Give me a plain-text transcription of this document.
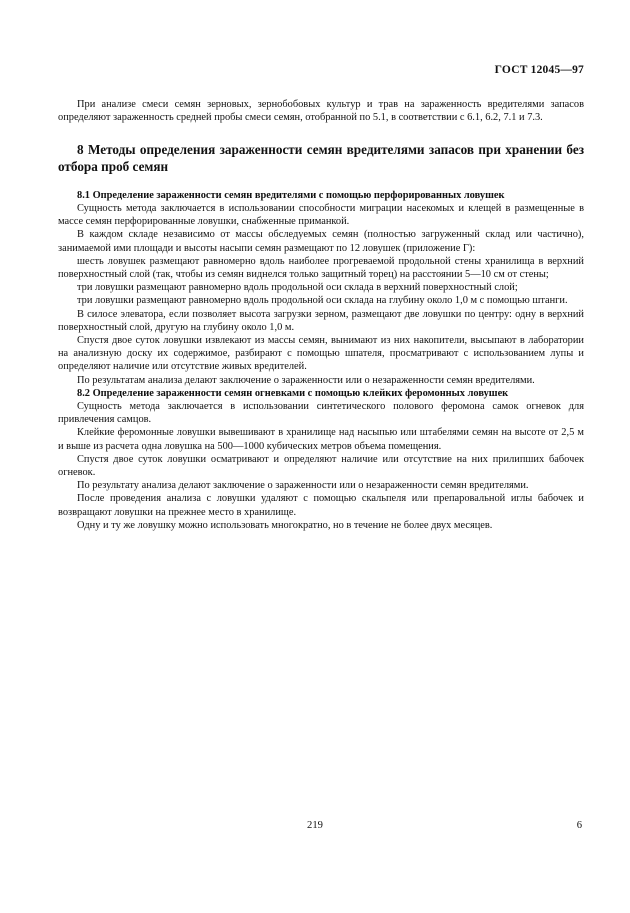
ГОСТ 12045—97

При анализе смеси семян зерновых, зернобобовых культур и трав на зараженность вредителями запасов определяют зараженность средней пробы смеси семян, отобранной по 5.1, в соответствии с 6.1, 6.2, 7.1 и 7.3.

8 Методы определения зараженности семян вредителями запасов при хранении без отбора проб семян

8.1 Определение зараженности семян вредителями с помощью перфорированных ловушек

Сущность метода заключается в использовании способности миграции насекомых и клещей в размещенные в массе семян перфорированные ловушки, снабженные приманкой.

В каждом складе независимо от массы обследуемых семян (полностью загруженный склад или частично), занимаемой ими площади и высоты насыпи семян размещают по 12 ловушек (приложение Г):

шесть ловушек размещают равномерно вдоль наиболее прогреваемой продольной стены хранилища в верхний поверхностный слой (так, чтобы из семян виднелся только защитный торец) на расстоянии 5—10 см от стены;

три ловушки размещают равномерно вдоль продольной оси склада в верхний поверхностный слой;

три ловушки размещают равномерно вдоль продольной оси склада на глубину около 1,0 м с помощью штанги.

В силосе элеватора, если позволяет высота загрузки зерном, размещают две ловушки по центру: одну в верхний поверхностный слой, другую на глубину около 1,0 м.

Спустя двое суток ловушки извлекают из массы семян, вынимают из них накопители, высыпают в лаборатории на анализную доску их содержимое, разбирают с помощью шпателя, просматривают с использованием лупы и определяют наличие или отсутствие живых вредителей.

По результатам анализа делают заключение о зараженности или о незараженности семян вредителями.

8.2 Определение зараженности семян огневками с помощью клейких феромонных ловушек

Сущность метода заключается в использовании синтетического полового феромона самок огневок для привлечения самцов.

Клейкие феромонные ловушки вывешивают в хранилище над насыпью или штабелями семян на высоте от 2,5 м и выше из расчета одна ловушка на 500—1000 кубических метров объема помещения.

Спустя двое суток ловушки осматривают и определяют наличие или отсутствие на них прилипших бабочек огневок.

По результату анализа делают заключение о зараженности или о незараженности семян вредителями.

После проведения анализа с ловушки удаляют с помощью скальпеля или препаровальной иглы бабочек и возвращают ловушки на прежнее место в хранилище.

Одну и ту же ловушку можно использовать многократно, но в течение не более двух месяцев.

219	6
